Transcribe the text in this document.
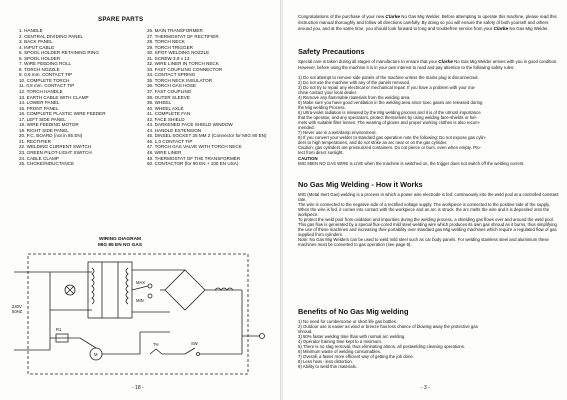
SPARE PARTS
1. HANDLE
2. CENTRAL DIVIDING PANEL
3. BACK PANEL
4. INPUT CABLE
5. SPOOL HOLDER RETAINING RING
6. SPOOL HOLDER
7. WIRE FEEDING ROLL
8. TORCH NOZZLE
9. 0,6 mm. CONTACT TIP
10. COMPLETE TORCH
11. 0,8 mm. CONTACT TIP
12. TORCH HANDLE
13. EARTH CABLE WITH CLAMP
14. LOWER PANEL
15. FRONT PANEL
16. COMPLETE PLASTIC WIRE FEEDER
17. LEFT SIDE PANEL
18. WIRE FEEDING MOTOR
19. RIGHT SIDE PANEL
20. P.C. BOARD (not in 85 EN)
21. RECTIFIER
22. WELDING CURRENT SWITCH
23. GREEN PILOT-LIGHT SWITCH
24. CABLE CLAMP
25. CHOKE/INDUCTANCE
26. MAIN TRANSFORMER
27. THERMOSTAT OF RECTIFIER
28. TORCH NECK
29. TORCH TRIGGER
30. SPOT WELDING NOZZLE
31. SCREW 3,9 x 13
32. WIRE LINER IN TORCH NECK
33. FAST COUPLING CONNECTOR
34. CONTACT SPRING
35. TORCH NECK INSULATOR
36. TORCH GAS HOSE
37. FAST COUPLING
38. OUTER SLEEVE
39. WHEEL
40. WHEEL AXLE
41. COMPLETE FAN
42. FACE SHIELD
43. DARKENED FACE SHIELD WINDOW
44. HANDLE EXTENSION
45. DINSEL SOCKET 25 MM 2 (Connector for MIG 90 EN)
46. 1,0 CONTACT TIP
47. TORCH GAS VALVE WITH TORCH NECK
48. WIRE LINER
49. THERMOSTAT OF THE TRANSFORMER
50. CONTACTOR (for 90 EN + 100 EN USA)
WIRING DIAGRAM
MIG 85 EN NO GAS
240V 50HZ
MAX
MIN
R1
M
SW
TH
- 18 -
Congratulations of the purchase of your new Clarke No Gas Mig Welder. Before attempting to operate this machine, please read this instruction manual thoroughly and follow all directions carefully. By doing so you will ensure the safety of both yourself and others around you, and at the same time, you should look forward to long and troublefree service from your Clarke No Gas Mig Welder.
Safety Precautions
Special care is taken during all stages of manufacture to ensure that your Clarke No Gas Mig Welder arrives with you in good condition. However, before using the machine it is in your own interest to read and pay attention to the following safety rules:
1) Do not attempt to remove side panels of the machine unless the mains plug is disconnected.
2) Do not use the machine with any of the panels removed.
3) Do not try to repair any electrical or mechanical repair. If you have a problem with your ma-
chine contact your local dealer.
4) Remove any flammable materials from the welding area.
5) Make sure you have good ventilation in the welding area since toxic gases are released during
the Mig welding Process.
6) Ultra-violet radiation is released by the Mig welding process and it is of the utmost importance
that the operator, and any spectators, protect themselves by using welding face-shields or hel-
mets with suitable filter lenses. The wearing of gloves and proper working clothes is also recom-
mended.
7) Never use in a wet/damp environment.
8) If you convert your welder to standard gas operation note the following: Do not expose gas cylin-
ders to high temperatures, and do not strike an arc near or on the gas cylinder.
Caution: gas cylinders are pressurized containers. Do not pierce or burn, even when empty. Pro-
tect from direct sunlight.
CAUTION
MIG 85EN NO GAS WIRE is LIVE when the machine is switched on, the trigger does not switch off the welding current.
No Gas Mig Welding - How it Works
MIG (Metal Inert Gas) welding is a process in which a power wire electrode is fed: continuously into the weld pool at a controlled constant rate.
The wire is connected to the negative side of a rectified voltage supply. The workpiece is connected to the positive side of the supply.
When the wire is fed, it comes into contact with the workpiece and an arc is struck. the arc melts the wire and it is deposited onto the workpiece.
To protect the weld pool from oxidation and impurities during the welding process, a shielding gas flows over and around the weld pool. This gas flow is generated by a special flux-cored mild steel welding wire which produces its own gas shroud as it burns, thus simplifying the use of these machines and increasing their portability over standard gas Mig welding machines which require a regulated flow of gas supplied from cylinders.
Note: No Gas Mig Welders can be used to weld mild steel such as car body panels. For welding stainless steel and aluminium these machines must be converted to gas operation (see page 9).
Benefits of No Gas Mig welding
1) No need for cumbersome or short life gas bottles.
2) Outdoor use is easier as wind or breeze has less chance of blowing away the protective gas
shroud.
3) 50% faster welding time than with normal arc welding.
4) Operator training time kept to a minimum.
5) There is no slag removal, thus eliminating almos, all postwelding cleaning operations.
6) Minimum waste of welding consumables.
7) Overall, a faster more efficient way of getting the job done.
8) Less heat - less distortion.
9) Ability to weld thin materials.
- 3 -
